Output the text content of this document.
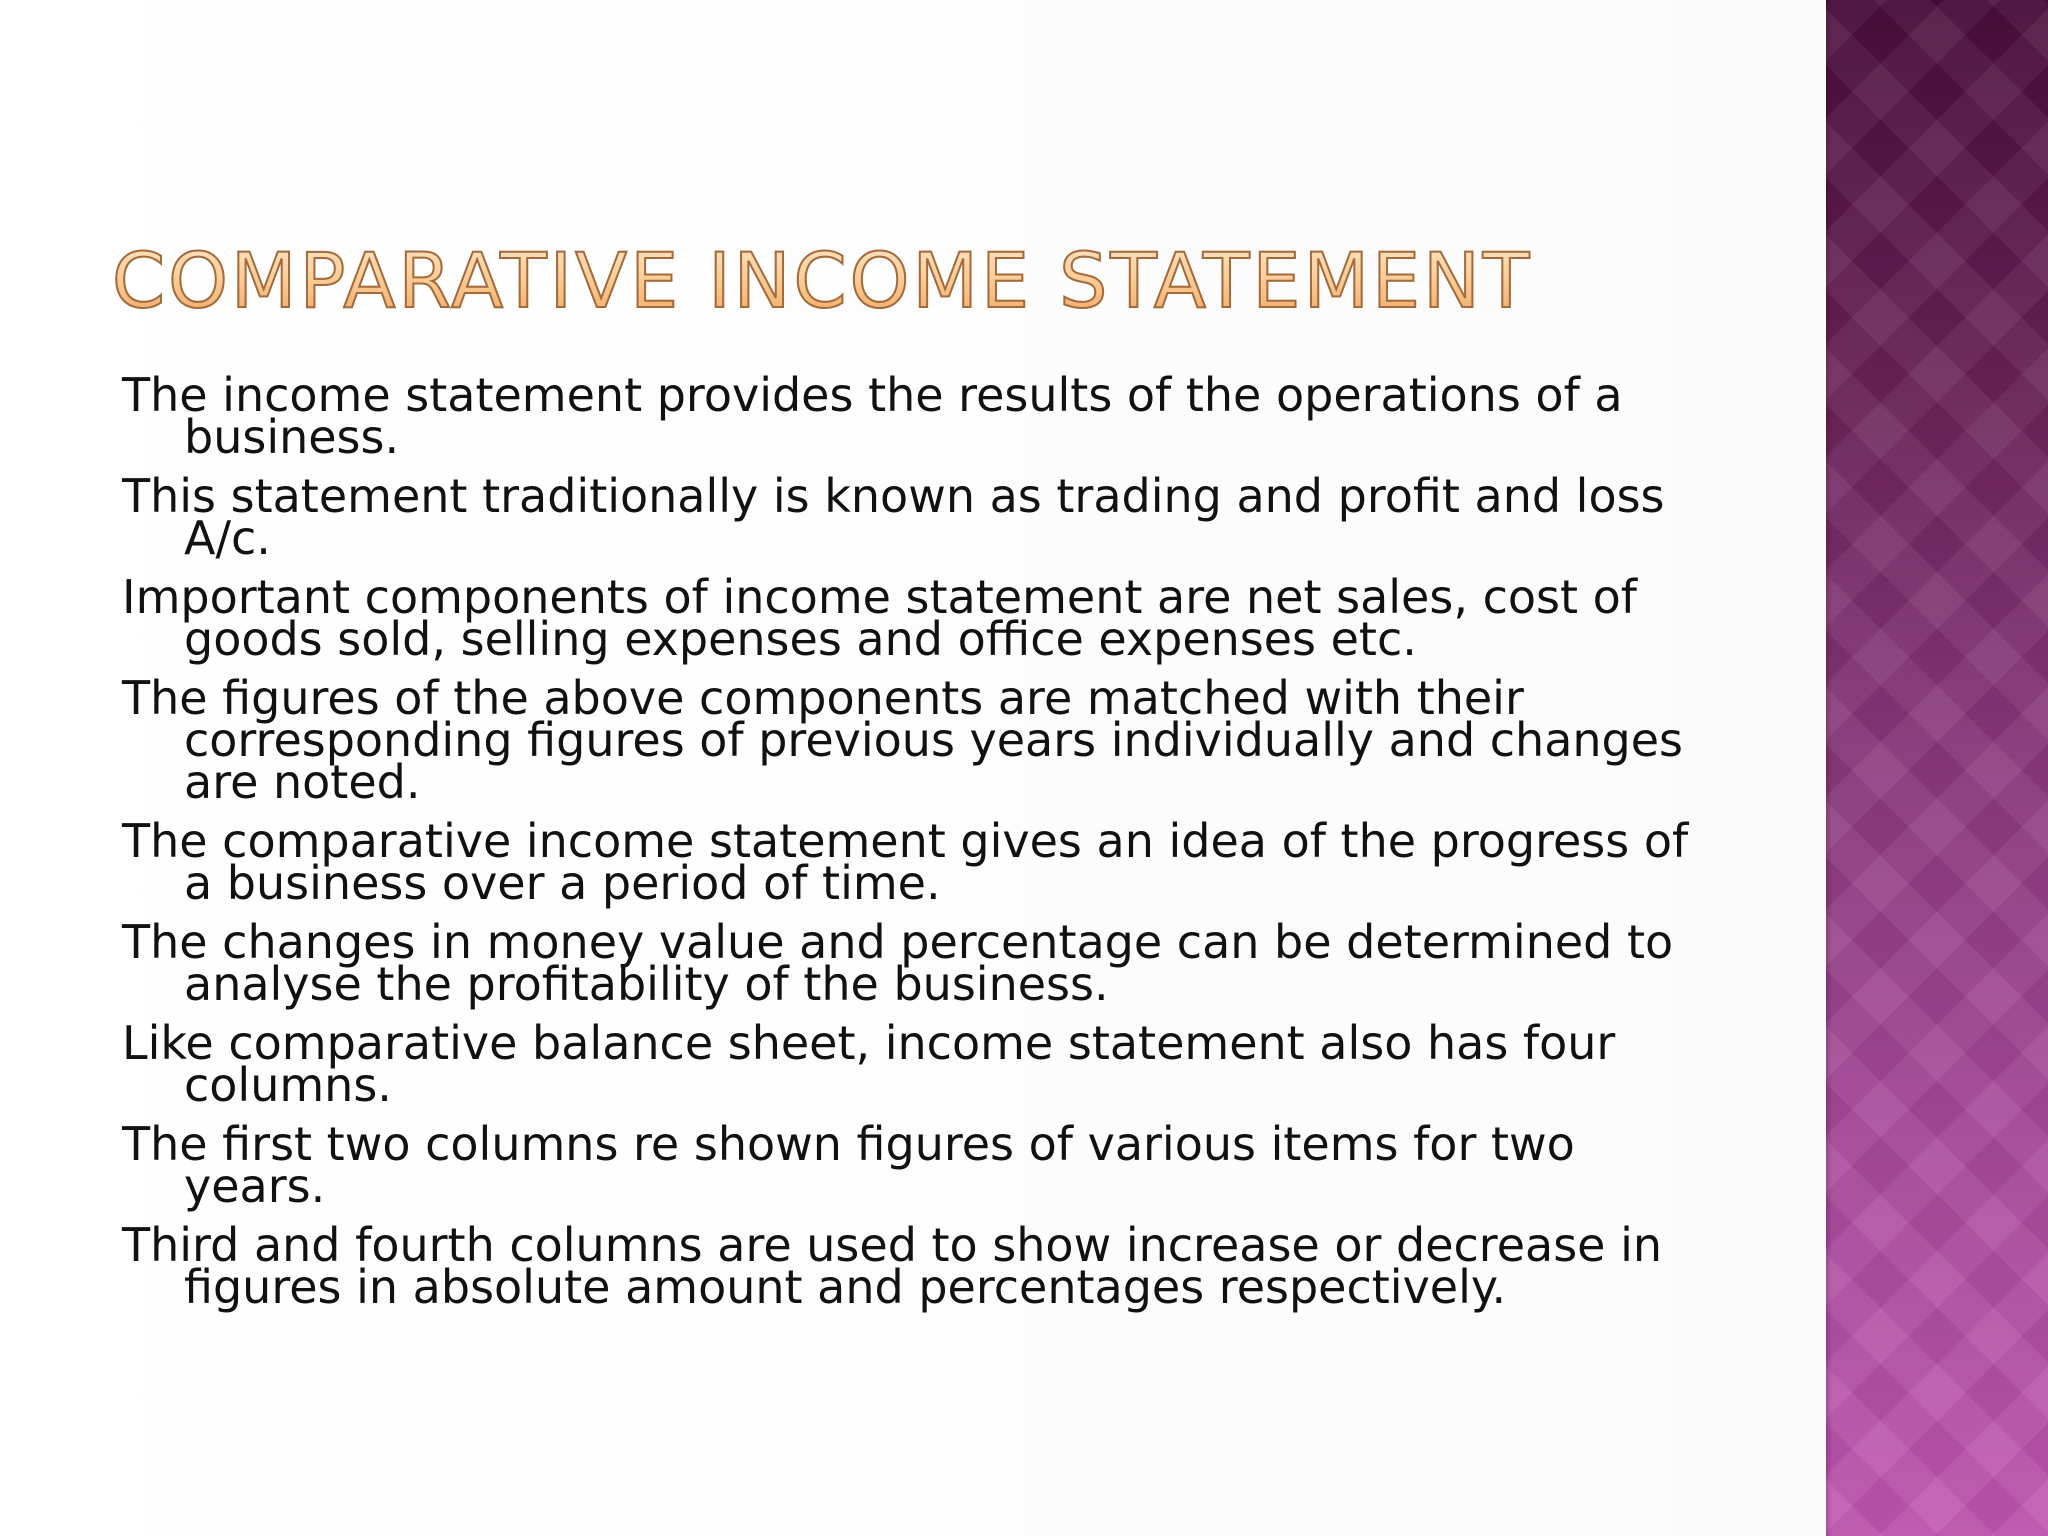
COMPARATIVE INCOME STATEMENT
The income statement provides the results of the operations of a business.
This statement traditionally is known as trading and profit and loss A/c.
Important components of income statement are net sales, cost of goods sold, selling expenses and office expenses etc.
The figures of the above components are matched with their corresponding figures of previous years individually and changes are noted.
The comparative income statement gives an idea of the progress of a business over a period of time.
The changes in money value and percentage can be determined to analyse the profitability of the business.
Like comparative balance sheet, income statement also has four columns.
The first two columns re shown figures of various items for two years.
Third and fourth columns are used to show increase or decrease in figures in absolute amount and percentages respectively.
